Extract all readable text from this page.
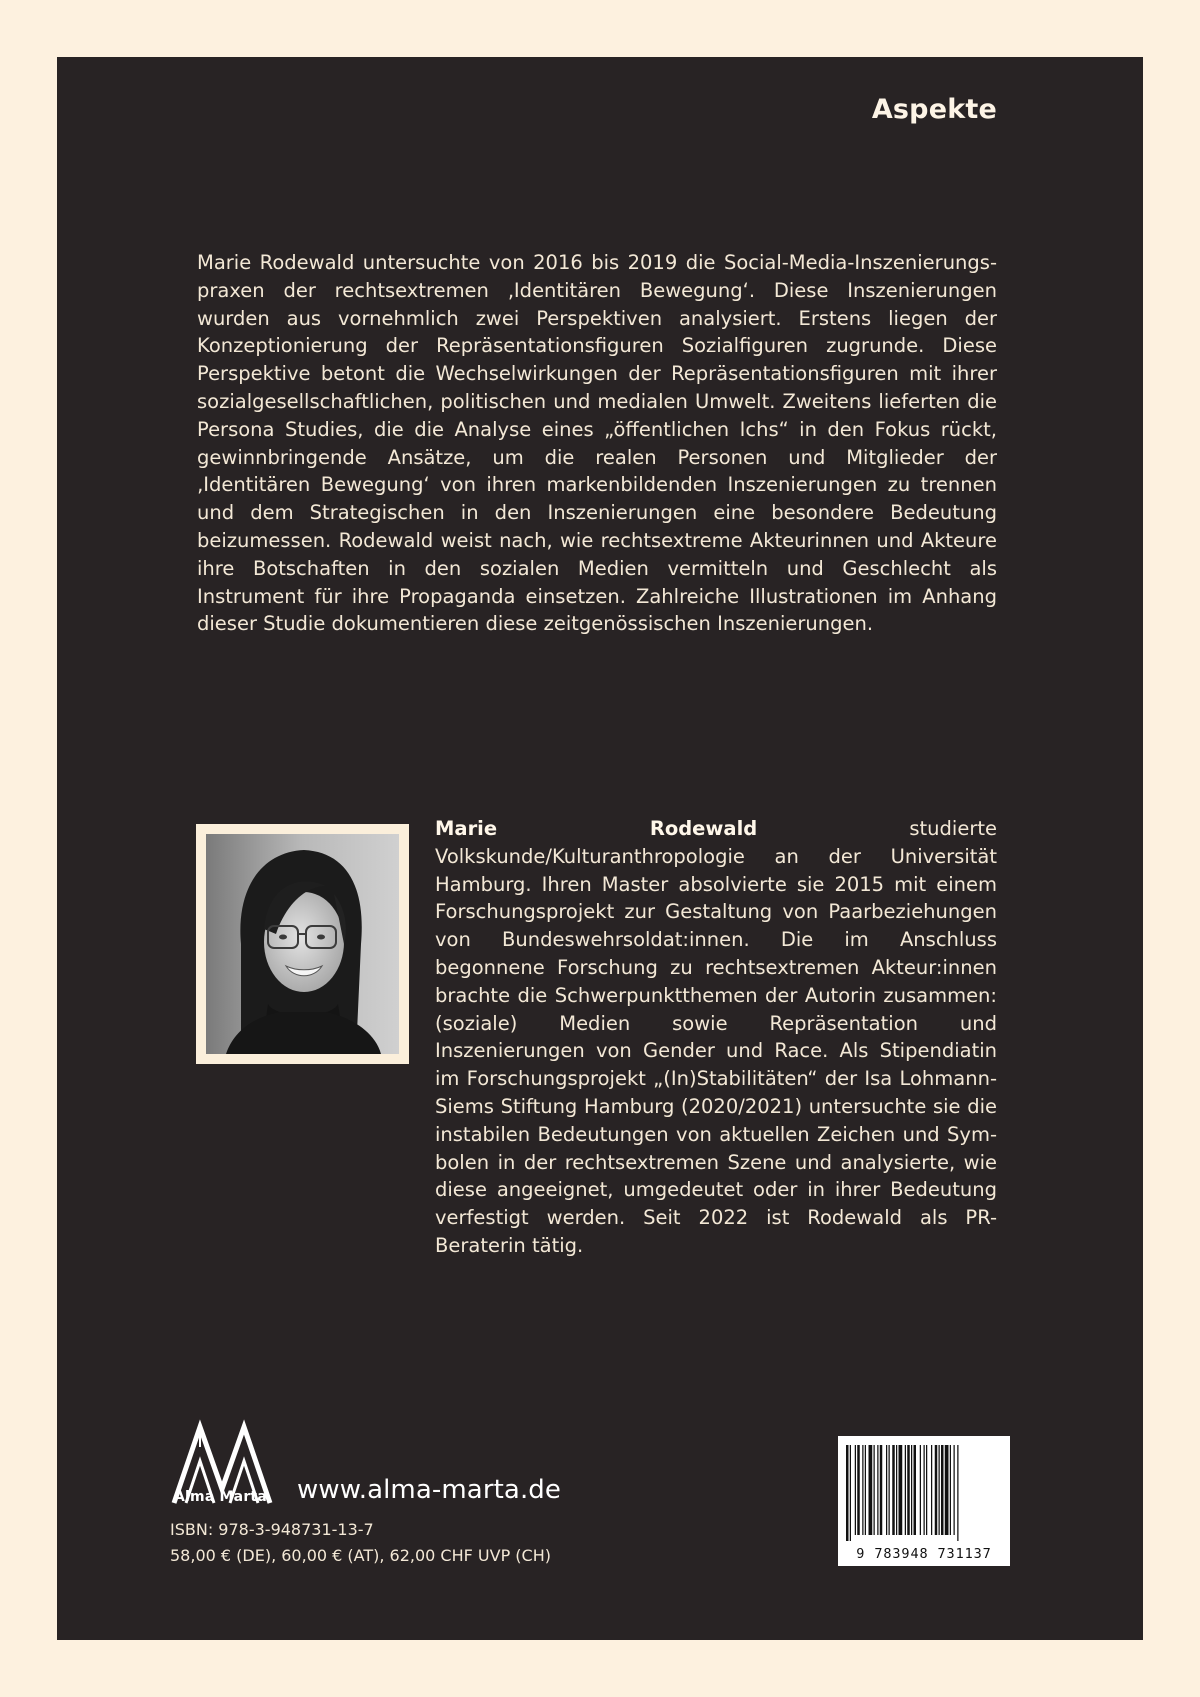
Aspekte

Marie Rodewald untersuchte von 2016 bis 2019 die Social-Media-Inszenierungspraxen der rechtsextremen ‚Identitären Bewegung‘. Diese Inszenierungen wurden aus vornehmlich zwei Perspektiven analysiert. Erstens liegen der Konzeptionierung der Repräsentationsfiguren Sozialfiguren zugrunde. Diese Perspektive betont die Wechselwirkungen der Repräsentationsfiguren mit ihrer sozialgesellschaftlichen, politischen und medialen Umwelt. Zweitens lieferten die Persona Studies, die die Analyse eines „öffentlichen Ichs“ in den Fokus rückt, gewinnbringende Ansätze, um die realen Personen und Mitglieder der ‚Identitären Bewegung‘ von ihren markenbildenden Inszenierungen zu trennen und dem Strategischen in den Inszenierungen eine besondere Bedeutung beizumessen. Rodewald weist nach, wie rechtsextreme Akteurinnen und Akteure ihre Botschaften in den sozialen Medien vermitteln und Geschlecht als Instrument für ihre Propaganda einsetzen. Zahlreiche Illustrationen im Anhang dieser Studie dokumentieren diese zeitgenössischen Inszenierungen.

Marie Rodewald studierte Volkskunde/Kulturanthropologie an der Universität Hamburg. Ihren Master absolvierte sie 2015 mit einem Forschungsprojekt zur Gestaltung von Paarbeziehungen von Bundeswehrsoldat:innen. Die im Anschluss begonnene Forschung zu rechtsextremen Akteur:innen brachte die Schwerpunktthemen der Autorin zusammen: (soziale) Medien sowie Repräsentation und Inszenierungen von Gender und Race. Als Stipendiatin im Forschungsprojekt „(In)Stabilitäten“ der Isa Lohmann-Siems Stiftung Hamburg (2020/2021) untersuchte sie die instabilen Bedeutungen von aktuellen Zeichen und Symbolen in der rechtsextremen Szene und analysierte, wie diese angeeignet, umgedeutet oder in ihrer Bedeutung verfestigt werden. Seit 2022 ist Rodewald als PR-Beraterin tätig.

Alma Marta www.alma-marta.de
ISBN: 978-3-948731-13-7
58,00 € (DE), 60,00 € (AT), 62,00 CHF UVP (CH)	9 783948 731137
